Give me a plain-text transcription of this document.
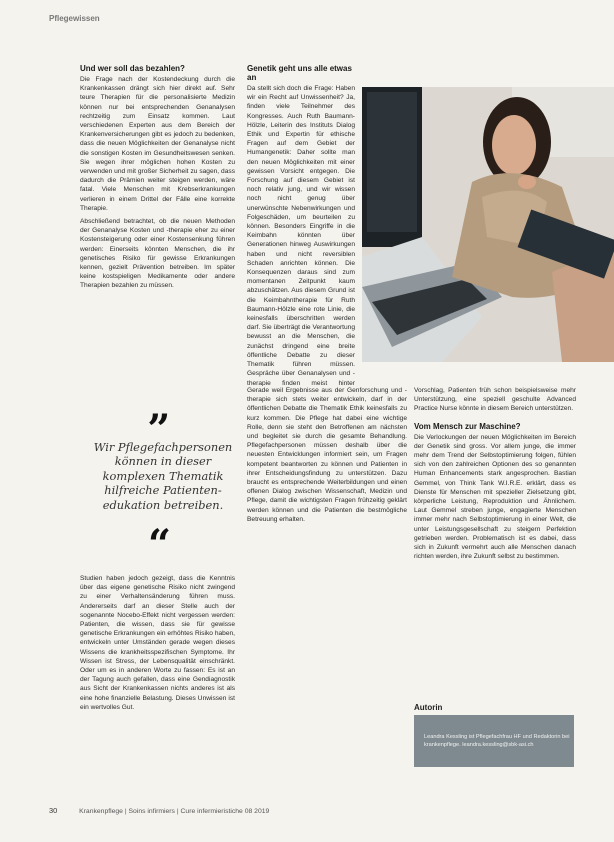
Pflegewissen
Und wer soll das bezahlen?

Die Frage nach der Kostendeckung durch die Krankenkassen drängt sich hier direkt auf. Sehr teure Therapien für die personalisierte Medizin können nur bei entsprechenden Genanalysen rechtzeitig zum Einsatz kommen. Laut verschiedenen Experten aus dem Bereich der Krankenversicherungen gibt es jedoch zu bedenken, dass die neuen Möglichkeiten der Genanalyse nicht die sonstigen Kosten im Gesundheitswesen senken. Sie wegen ihrer möglichen hohen Kosten zu verwenden und mit großer Sicherheit zu sagen, dass dadurch die Prämien weiter steigen werden, wäre fatal. Viele Menschen mit Krebserkrankungen verlieren in einem Drittel der Fälle eine korrekte Therapie.

Abschließend betrachtet, ob die neuen Methoden der Genanalyse Kosten und -therapie eher zu einer Kostensteigerung oder einer Kostensenkung führen werden: Einerseits könnten Menschen, die ihr genetisches Risiko für gewisse Erkrankungen kennen, gezielt Prävention betreiben. Im später keine kostspieligen Medikamente oder andere Therapien bezahlen zu müssen.

Genetik geht uns alle etwas an

Da stellt sich doch die Frage: Haben wir ein Recht auf Unwissenheit? Ja, finden viele Teilnehmer des Kongresses. Auch Ruth Baumann-Hölzle, Leiterin des Instituts Dialog Ethik und Expertin für ethische Fragen auf dem Gebiet der Humangenetik: Daher sollte man den neuen Möglichkeiten mit einer gewissen Vorsicht entgegen. Die Forschung auf diesem Gebiet ist noch relativ jung, und wir wissen noch nicht genug über unerwünschte Nebenwirkungen und Folgeschäden, um beurteilen zu können. Besonders Eingriffe in die Keimbahn könnten über Generationen hinweg Auswirkungen haben und nicht reversiblen Schaden anrichten können. Die Konsequenzen daraus sind zum momentanen Zeitpunkt kaum abzuschätzen. Aus diesem Grund ist die Keimbahntherapie für Ruth Baumann-Hölzle eine rote Linie, die keinesfalls überschritten werden darf. Sie überträgt die Verantwortung bewusst an die Menschen, die zunächst dringend eine breite öffentliche Debatte zu dieser Thematik führen müssen. Gespräche über Genanalysen und -therapie finden meist hinter

„
Wir Pflegefachpersonen können in dieser komplexen Thematik hilfreiche Patienten-edukation betreiben.
“

Studien haben jedoch gezeigt, dass die Kenntnis über das eigene genetische Risiko nicht zwingend zu einer Verhaltensänderung führen muss. Andererseits darf an dieser Stelle auch der sogenannte Nocebo-Effekt nicht vergessen werden: Patienten, die wissen, dass sie für gewisse genetische Erkrankungen ein erhöhtes Risiko haben, entwickeln unter Umständen gerade wegen dieses Wissens die krankheitsspezifischen Symptome. Ihr Wissen ist Stress, der Lebensqualität einschränkt. Oder um es in anderen Worte zu fassen: Es ist an der Tagung auch gefallen, dass eine Gendiagnostik aus Sicht der Krankenkassen nichts anderes ist als eine hohe finanzielle Belastung. Dieses Unwissen ist ein wertvolles Gut.

Gerade weil Ergebnisse aus der Genforschung und -therapie sich stets weiter entwickeln, darf in der öffentlichen Debatte die Thematik Ethik keinesfalls zu kurz kommen. Die Pflege hat dabei eine wichtige Rolle, denn sie steht den Betroffenen am nächsten und begleitet sie durch die gesamte Behandlung. Pflegefachpersonen müssen deshalb über die neuesten Entwicklungen informiert sein, um Fragen kompetent beantworten zu können und Patienten in ihrer Entscheidungsfindung zu unterstützen. Dazu braucht es entsprechende Weiterbildungen und einen offenen Dialog zwischen Wissenschaft, Medizin und Pflege, damit die wichtigsten Fragen frühzeitig geklärt werden können und die Patienten die bestmögliche Betreuung erhalten.

Vorschlag, Patienten früh schon beispielsweise mehr Unterstützung, eine speziell geschulte Advanced Practice Nurse könnte in diesem Bereich unterstützen.

Vom Mensch zur Maschine?

Die Verlockungen der neuen Möglichkeiten im Bereich der Genetik sind gross. Vor allem junge, die immer mehr dem Trend der Selbstoptimierung folgen, fühlen sich von den zahlreichen Optionen des so genannten Human Enhancements stark angesprochen. Bastian Gemmel, von Think Tank W.I.R.E. erklärt, dass es Dienste für Menschen mit spezieller Zielsetzung gibt, körperliche Leistung, Reproduktion und Ähnlichem. Laut Gemmel streben junge, engagierte Menschen immer mehr nach Selbstoptimierung in einer Welt, die unter Leistungsgesellschaft zu steigern Perfektion getrieben werden. Problematisch ist es dabei, dass sich in Zukunft vermehrt auch alle Menschen danach richten werden, ihre Zukunft selbst zu bestimmen.

Autorin
Leandra Kessling ist Pflegefachfrau HF und Redaktorin bei krankenpflege. leandra.kessling@sbk-asi.ch
30	Krankenpflege | Soins infirmiers | Cure infermieristiche 08 2019
